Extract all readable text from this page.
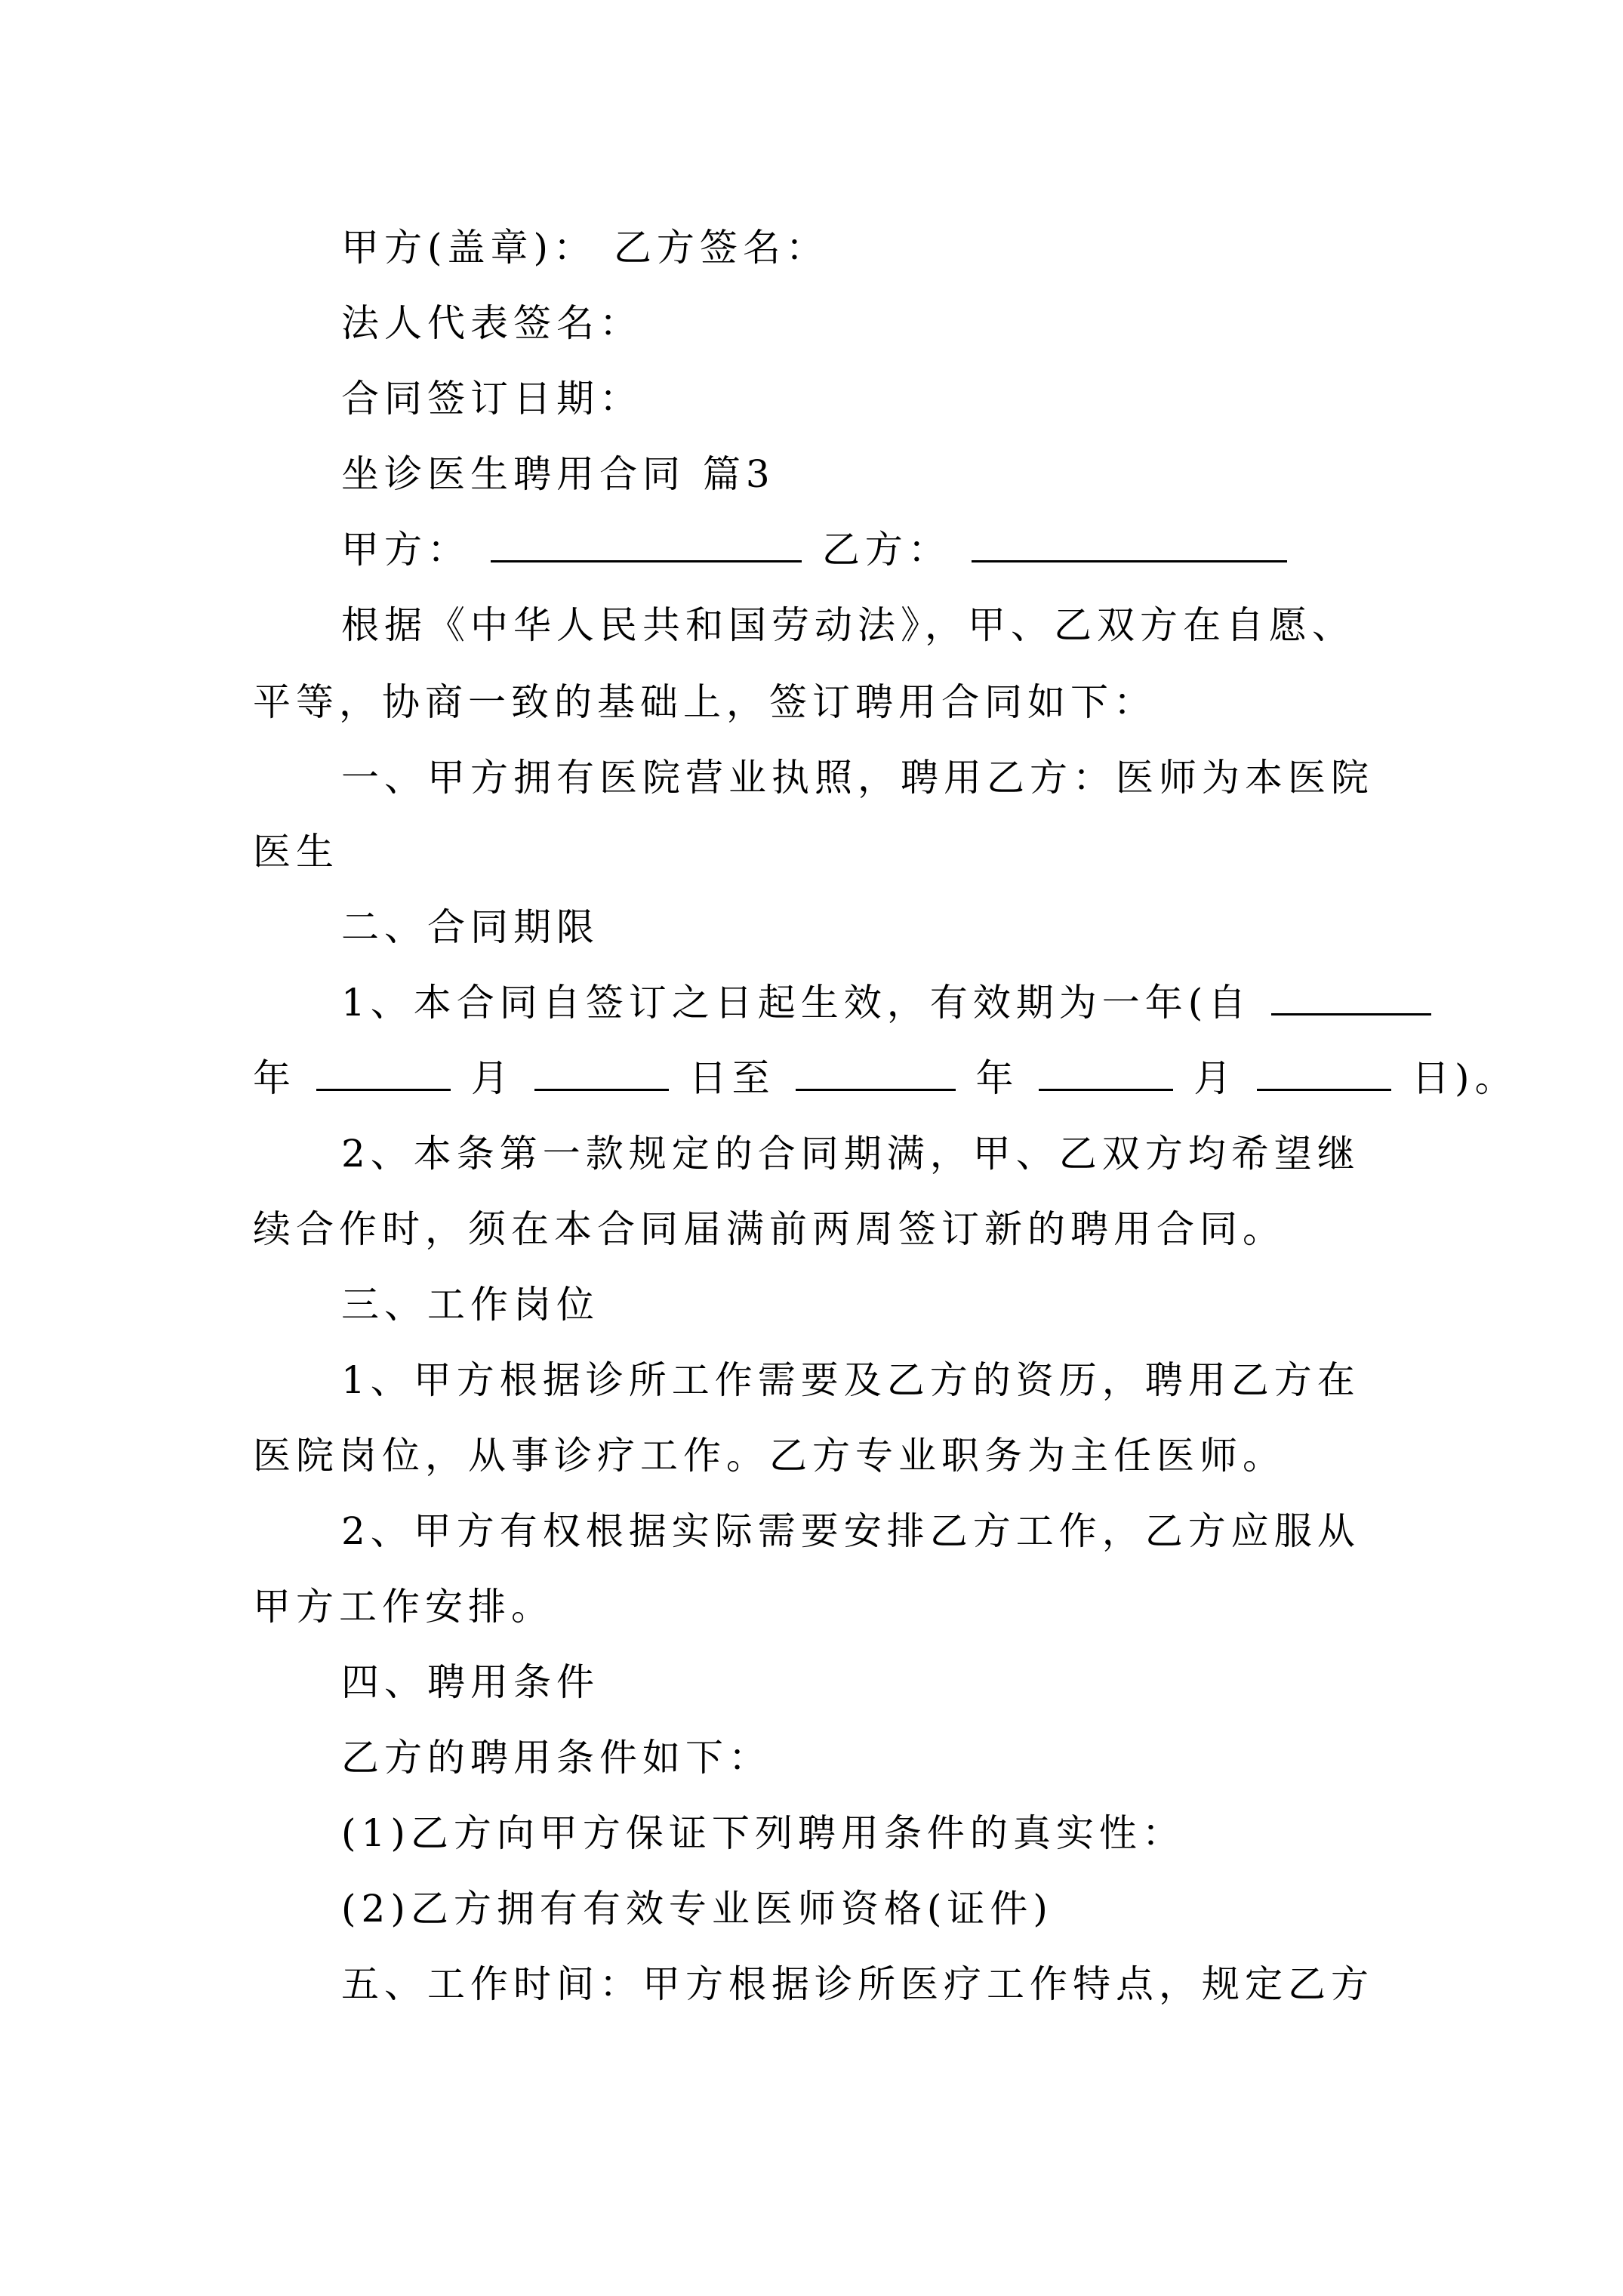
甲方(盖章)： 乙方签名：
法人代表签名：
合同签订日期：
坐诊医生聘用合同 篇3
甲方：	乙方：
根据《中华人民共和国劳动法》，甲、乙双方在自愿、
平等，协商一致的基础上，签订聘用合同如下：
一、甲方拥有医院营业执照，聘用乙方：医师为本医院
医生
二、合同期限
1、本合同自签订之日起生效，有效期为一年(自
年	月	日至	年	月	日)。
2、本条第一款规定的合同期满，甲、乙双方均希望继
续合作时，须在本合同届满前两周签订新的聘用合同。
三、工作岗位
1、甲方根据诊所工作需要及乙方的资历，聘用乙方在
医院岗位，从事诊疗工作。乙方专业职务为主任医师。
2、甲方有权根据实际需要安排乙方工作，乙方应服从
甲方工作安排。
四、聘用条件
乙方的聘用条件如下：
(1)乙方向甲方保证下列聘用条件的真实性：
(2)乙方拥有有效专业医师资格(证件)
五、工作时间：甲方根据诊所医疗工作特点，规定乙方
